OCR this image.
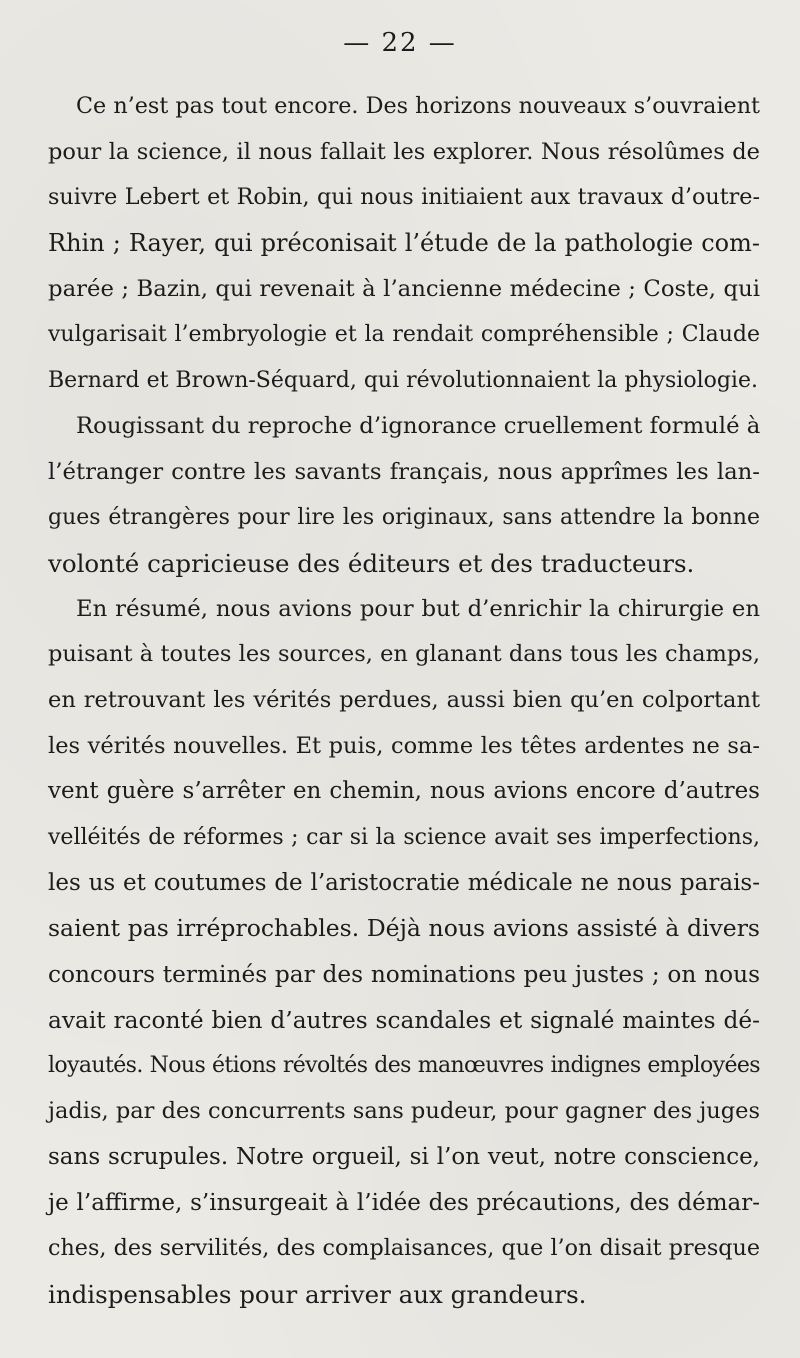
— 22 —
Ce n’est pas tout encore. Des horizons nouveaux s’ouvraient
pour la science, il nous fallait les explorer. Nous résolûmes de
suivre Lebert et Robin, qui nous initiaient aux travaux d’outre-
Rhin ; Rayer, qui préconisait l’étude de la pathologie com-
parée ; Bazin, qui revenait à l’ancienne médecine ; Coste, qui
vulgarisait l’embryologie et la rendait compréhensible ; Claude
Bernard et Brown-Séquard, qui révolutionnaient la physiologie.
Rougissant du reproche d’ignorance cruellement formulé à
l’étranger contre les savants français, nous apprîmes les lan-
gues étrangères pour lire les originaux, sans attendre la bonne
volonté capricieuse des éditeurs et des traducteurs.
En résumé, nous avions pour but d’enrichir la chirurgie en
puisant à toutes les sources, en glanant dans tous les champs,
en retrouvant les vérités perdues, aussi bien qu’en colportant
les vérités nouvelles. Et puis, comme les têtes ardentes ne sa-
vent guère s’arrêter en chemin, nous avions encore d’autres
velléités de réformes ; car si la science avait ses imperfections,
les us et coutumes de l’aristocratie médicale ne nous parais-
saient pas irréprochables. Déjà nous avions assisté à divers
concours terminés par des nominations peu justes ; on nous
avait raconté bien d’autres scandales et signalé maintes dé-
loyautés. Nous étions révoltés des manœuvres indignes employées
jadis, par des concurrents sans pudeur, pour gagner des juges
sans scrupules. Notre orgueil, si l’on veut, notre conscience,
je l’affirme, s’insurgeait à l’idée des précautions, des démar-
ches, des servilités, des complaisances, que l’on disait presque
indispensables pour arriver aux grandeurs.
